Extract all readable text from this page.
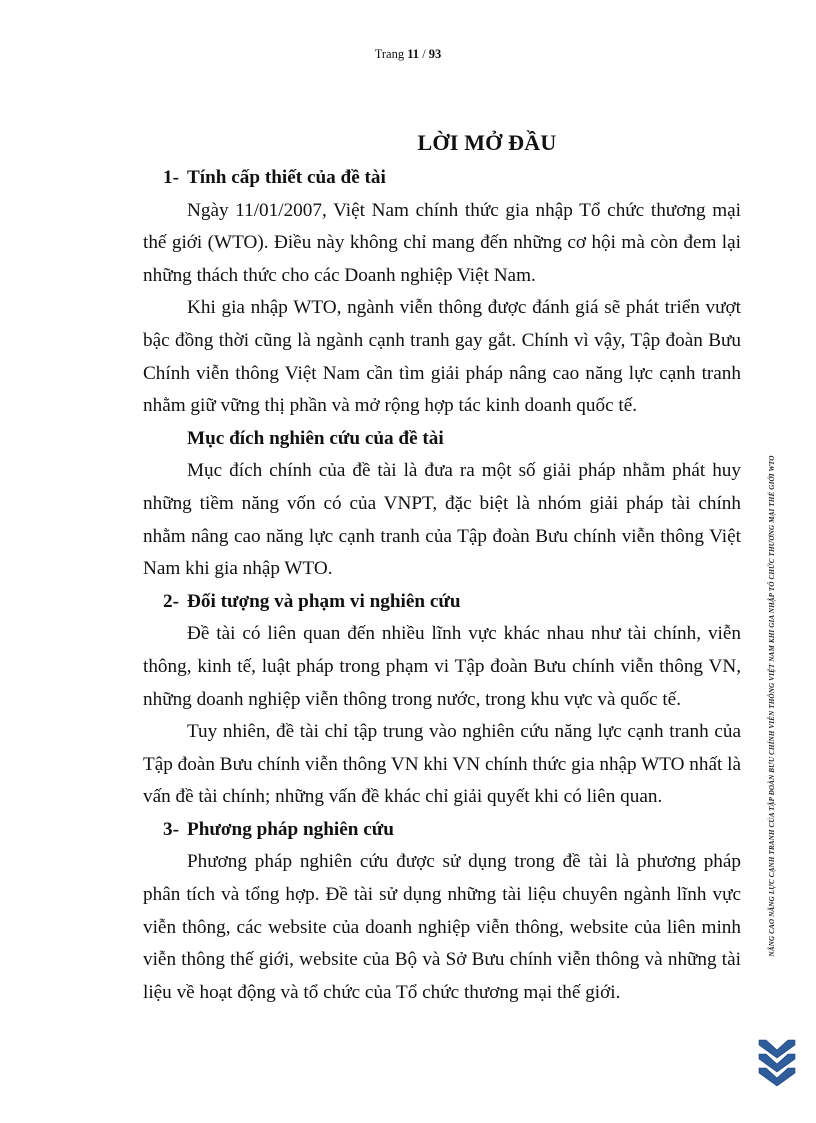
Trang 11 / 93
LỜI MỞ ĐẦU
1- Tính cấp thiết của đề tài

Ngày 11/01/2007, Việt Nam chính thức gia nhập Tổ chức thương mại
thế giới (WTO). Điều này không chỉ mang đến những cơ hội mà còn đem lại
những thách thức cho các Doanh nghiệp Việt Nam.

Khi gia nhập WTO, ngành viễn thông được đánh giá sẽ phát triển vượt
bậc đồng thời cũng là ngành cạnh tranh gay gắt. Chính vì vậy, Tập đoàn Bưu
Chính viễn thông Việt Nam cần tìm giải pháp nâng cao năng lực cạnh tranh
nhằm giữ vững thị phần và mở rộng hợp tác kinh doanh quốc tế.

Mục đích nghiên cứu của đề tài

Mục đích chính của đề tài là đưa ra một số giải pháp nhằm phát huy
những tiềm năng vốn có của VNPT, đặc biệt là nhóm giải pháp tài chính
nhằm nâng cao năng lực cạnh tranh của Tập đoàn Bưu chính viễn thông Việt
Nam khi gia nhập WTO.

2- Đối tượng và phạm vi nghiên cứu

Đề tài có liên quan đến nhiều lĩnh vực khác nhau như tài chính, viễn
thông, kinh tế, luật pháp trong phạm vi Tập đoàn Bưu chính viễn thông VN,
những doanh nghiệp viễn thông trong nước, trong khu vực và quốc tế.

Tuy nhiên, đề tài chỉ tập trung vào nghiên cứu năng lực cạnh tranh của
Tập đoàn Bưu chính viễn thông VN khi VN chính thức gia nhập WTO nhất là
vấn đề tài chính; những vấn đề khác chỉ giải quyết khi có liên quan.

3- Phương pháp nghiên cứu

Phương pháp nghiên cứu được sử dụng trong đề tài là phương pháp
phân tích và tổng hợp. Đề tài sử dụng những tài liệu chuyên ngành lĩnh vực
viễn thông, các website của doanh nghiệp viễn thông, website của liên minh
viễn thông thế giới, website của Bộ và Sở Bưu chính viễn thông và những tài
liệu về hoạt động và tổ chức của Tổ chức thương mại thế giới.

NÂNG CAO NĂNG LỰC CẠNH TRANH CỦA TẬP ĐOÀN BƯU CHÍNH VIỄN THÔNG VIỆT NAM KHI GIA NHẬP TỔ CHỨC THƯƠNG MẠI THẾ GIỚI WTO
